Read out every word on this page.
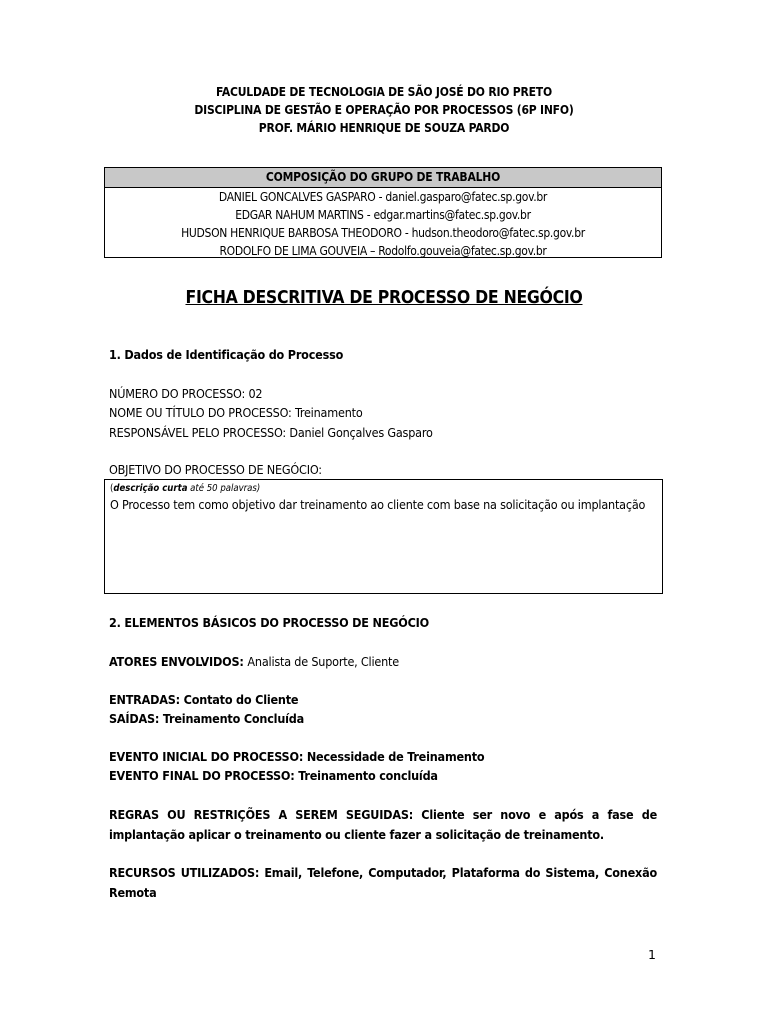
FACULDADE DE TECNOLOGIA DE SÃO JOSÉ DO RIO PRETO
DISCIPLINA DE GESTÃO E OPERAÇÃO POR PROCESSOS (6P INFO)
PROF. MÁRIO HENRIQUE DE SOUZA PARDO
COMPOSIÇÃO DO GRUPO DE TRABALHO
DANIEL GONCALVES GASPARO - daniel.gasparo@fatec.sp.gov.br
EDGAR NAHUM MARTINS - edgar.martins@fatec.sp.gov.br
HUDSON HENRIQUE BARBOSA THEODORO - hudson.theodoro@fatec.sp.gov.br
RODOLFO DE LIMA GOUVEIA – Rodolfo.gouveia@fatec.sp.gov.br
FICHA DESCRITIVA DE PROCESSO DE NEGÓCIO
1. Dados de Identificação do Processo
NÚMERO DO PROCESSO: 02
NOME OU TÍTULO DO PROCESSO: Treinamento
RESPONSÁVEL PELO PROCESSO: Daniel Gonçalves Gasparo
OBJETIVO DO PROCESSO DE NEGÓCIO:
(descrição curta até 50 palavras)
O Processo tem como objetivo dar treinamento ao cliente com base na solicitação ou implantação
2. ELEMENTOS BÁSICOS DO PROCESSO DE NEGÓCIO
ATORES ENVOLVIDOS: Analista de Suporte, Cliente
ENTRADAS: Contato do Cliente
SAÍDAS: Treinamento Concluída
EVENTO INICIAL DO PROCESSO: Necessidade de Treinamento
EVENTO FINAL DO PROCESSO: Treinamento concluída
REGRAS OU RESTRIÇÕES A SEREM SEGUIDAS: Cliente ser novo e após a fase de implantação aplicar o treinamento ou cliente fazer a solicitação de treinamento.
RECURSOS UTILIZADOS: Email, Telefone, Computador, Plataforma do Sistema, Conexão Remota
1
